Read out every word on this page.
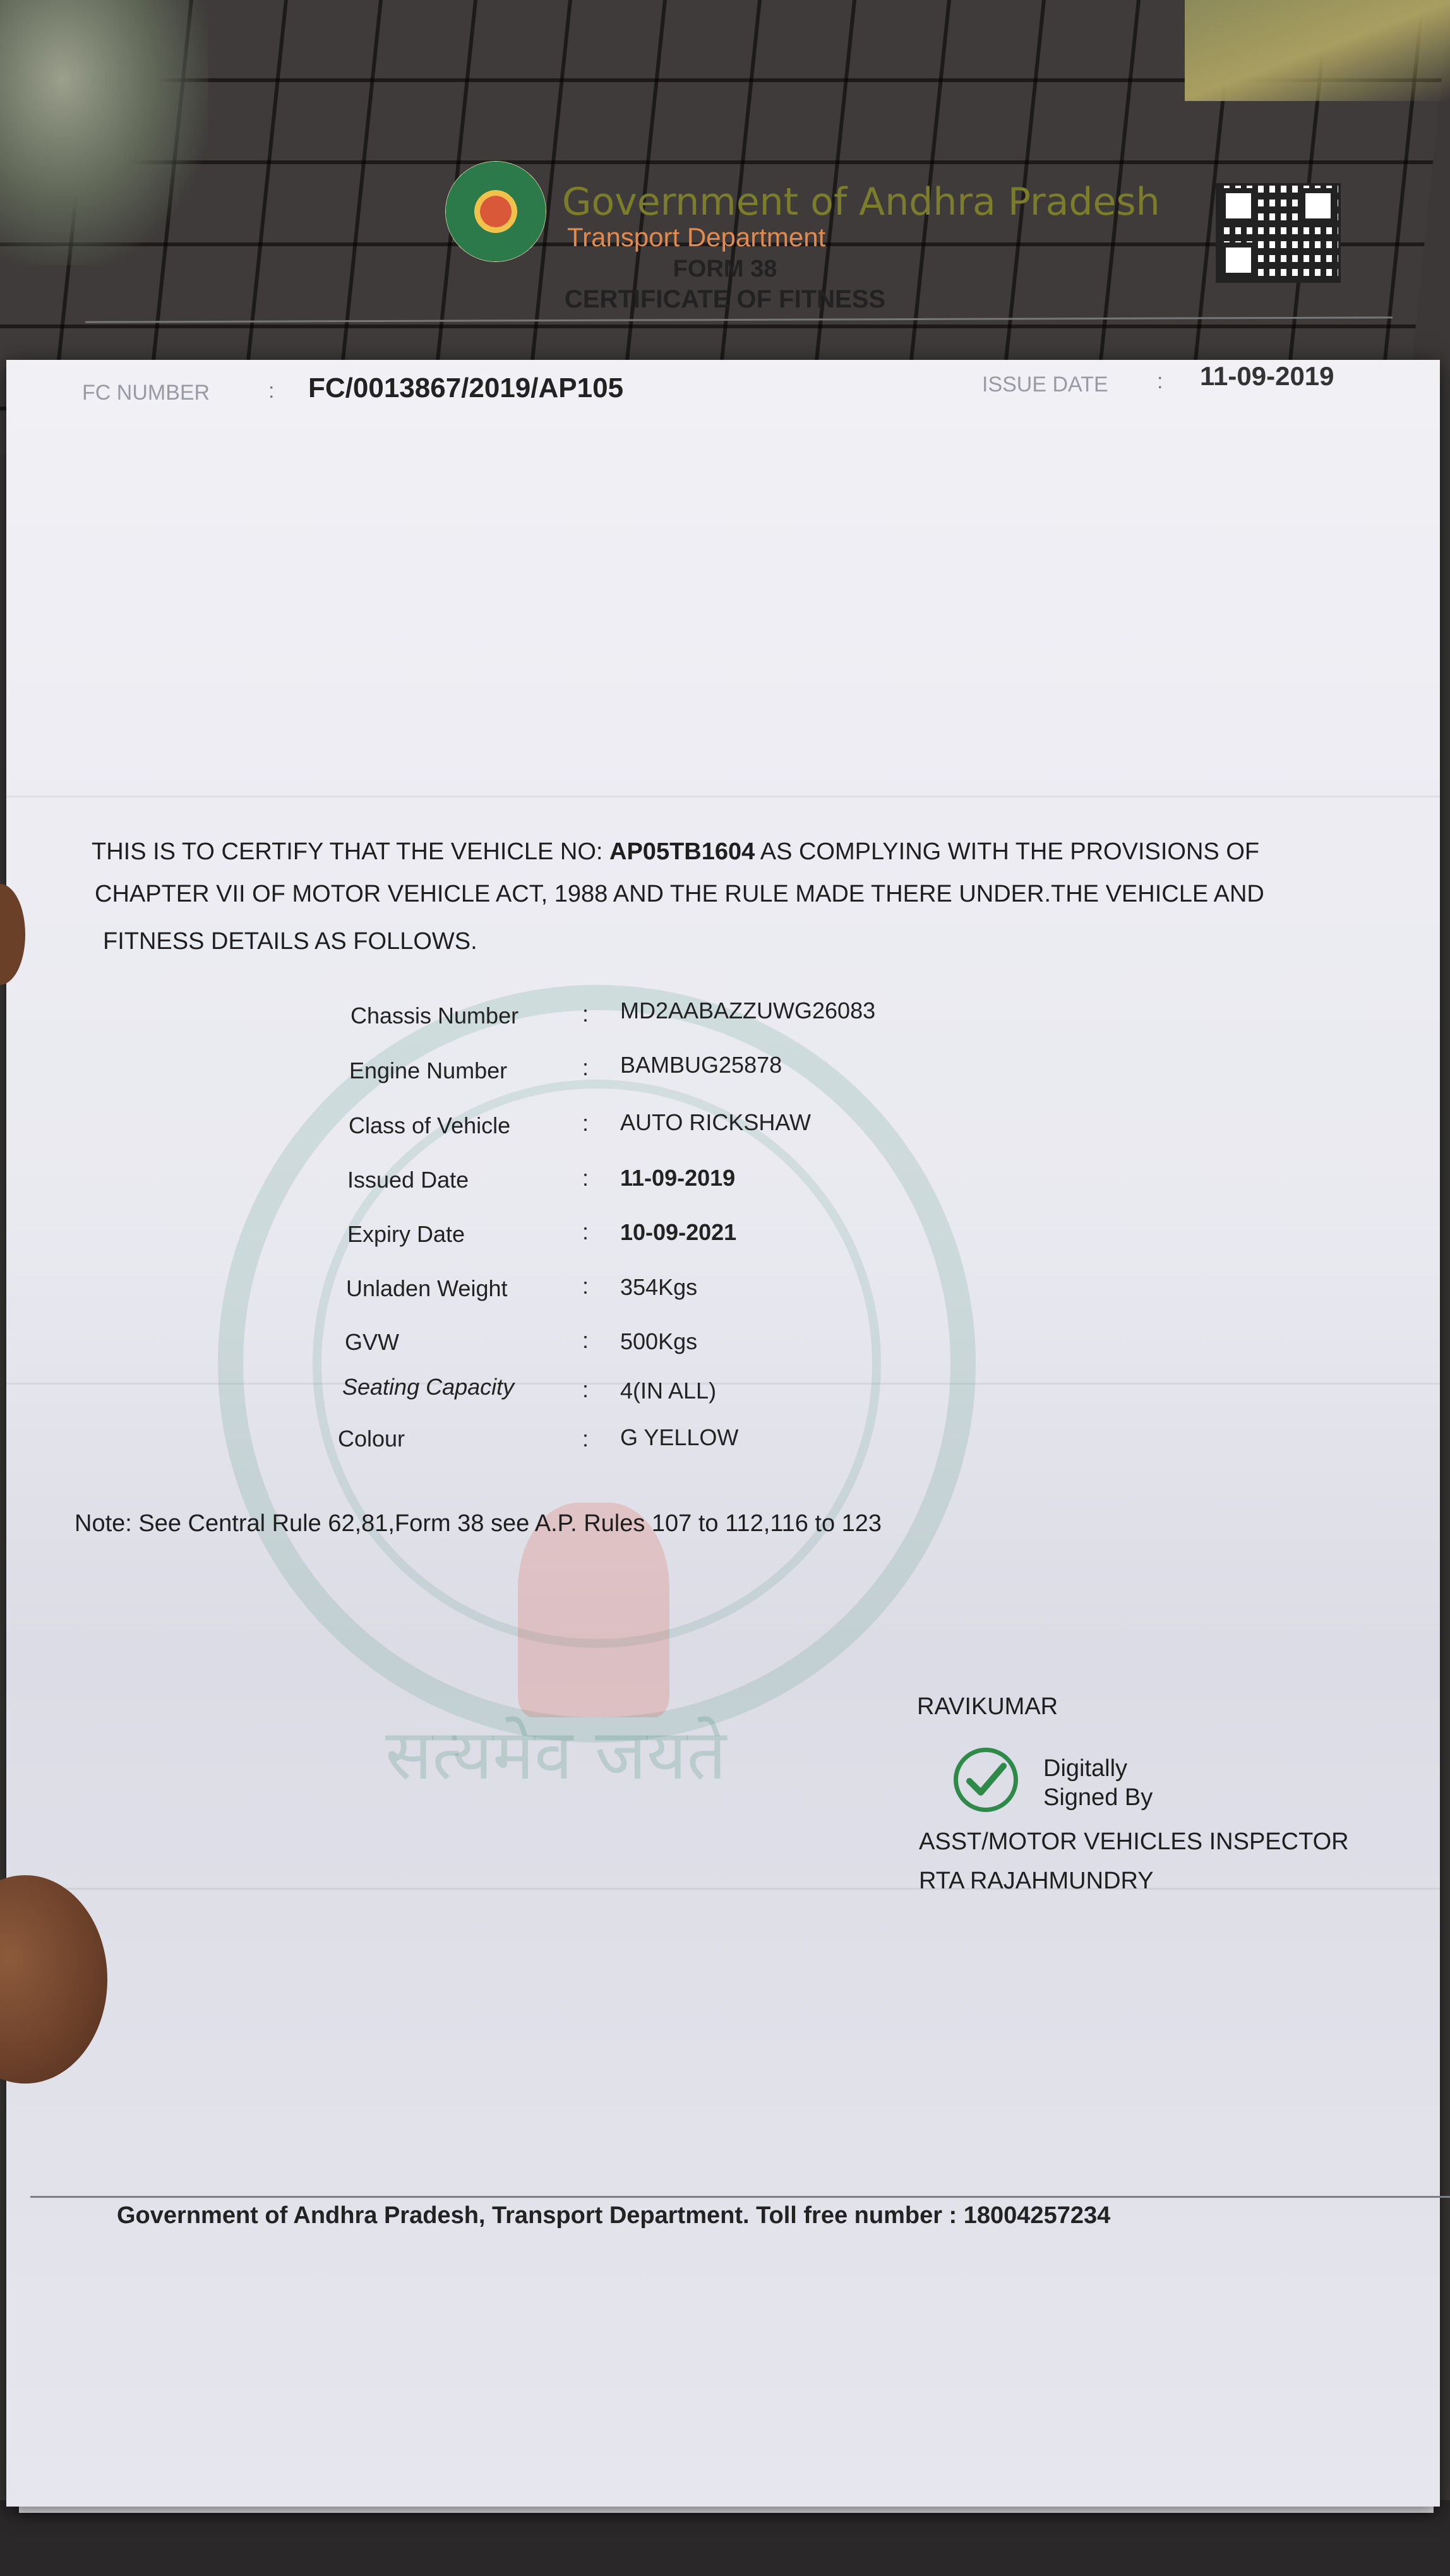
सत्यमेव जयते
Government of Andhra Pradesh
Transport Department
FORM 38
CERTIFICATE OF FITNESS
FC NUMBER	: FC/0013867/2019/AP105	ISSUE DATE : 11-09-2019
THIS IS TO CERTIFY THAT THE VEHICLE NO: AP05TB1604 AS COMPLYING WITH THE PROVISIONS OF
CHAPTER VII OF MOTOR VEHICLE ACT, 1988 AND THE RULE MADE THERE UNDER.THE VEHICLE AND
FITNESS DETAILS AS FOLLOWS.
Chassis Number	: MD2AABAZZUWG26083
Engine Number	: BAMBUG25878
Class of Vehicle	: AUTO RICKSHAW
Issued Date	: 11-09-2019
Expiry Date	: 10-09-2021
Unladen Weight	: 354Kgs
GVW	: 500Kgs
Seating Capacity	: 4(IN ALL)
Colour	: G YELLOW
Note: See Central Rule 62,81,Form 38 see A.P. Rules 107 to 112,116 to 123
RAVIKUMAR
Digitally
Signed By
ASST/MOTOR VEHICLES INSPECTOR
RTA RAJAHMUNDRY
Government of Andhra Pradesh, Transport Department. Toll free number : 18004257234
